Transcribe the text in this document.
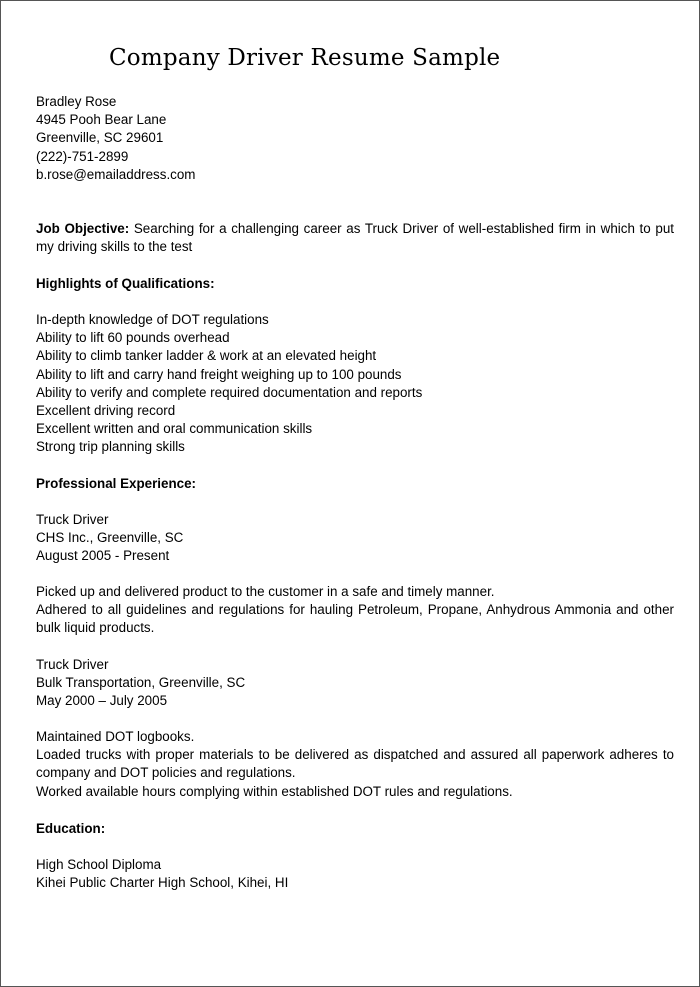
Company Driver Resume Sample
Bradley Rose
4945 Pooh Bear Lane
Greenville, SC 29601
(222)-751-2899
b.rose@emailaddress.com
Job Objective: Searching for a challenging career as Truck Driver of well-established firm in which to put my driving skills to the test
Highlights of Qualifications:
In-depth knowledge of DOT regulations
Ability to lift 60 pounds overhead
Ability to climb tanker ladder & work at an elevated height
Ability to lift and carry hand freight weighing up to 100 pounds
Ability to verify and complete required documentation and reports
Excellent driving record
Excellent written and oral communication skills
Strong trip planning skills
Professional Experience:
Truck Driver
CHS Inc., Greenville, SC
August 2005 - Present
Picked up and delivered product to the customer in a safe and timely manner.
Adhered to all guidelines and regulations for hauling Petroleum, Propane, Anhydrous Ammonia and other bulk liquid products.
Truck Driver
Bulk Transportation, Greenville, SC
May 2000 – July 2005
Maintained DOT logbooks.
Loaded trucks with proper materials to be delivered as dispatched and assured all paperwork adheres to company and DOT policies and regulations.
Worked available hours complying within established DOT rules and regulations.
Education:
High School Diploma
Kihei Public Charter High School, Kihei, HI
